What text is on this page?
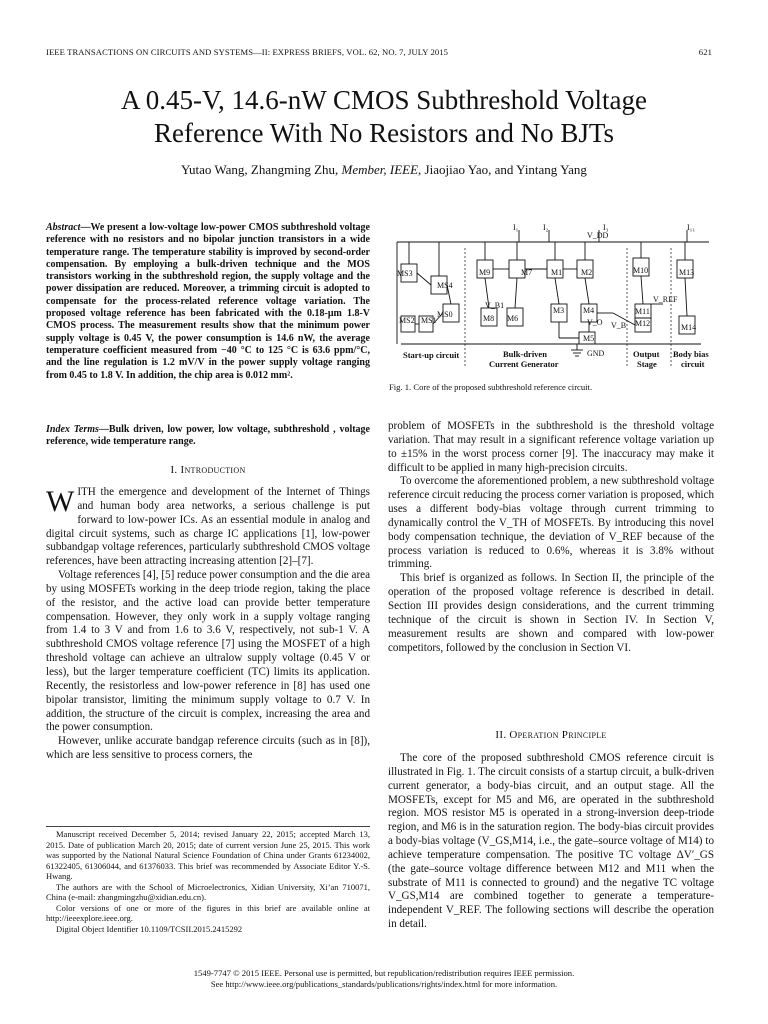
IEEE TRANSACTIONS ON CIRCUITS AND SYSTEMS—II: EXPRESS BRIEFS, VOL. 62, NO. 7, JULY 2015	621
A 0.45-V, 14.6-nW CMOS Subthreshold Voltage
Reference With No Resistors and No BJTs
Yutao Wang, Zhangming Zhu, Member, IEEE, Jiaojiao Yao, and Yintang Yang
Abstract—We present a low-voltage low-power CMOS subthreshold voltage reference with no resistors and no bipolar junction transistors in a wide temperature range. The temperature stability is improved by second-order compensation. By employing a bulk-driven technique and the MOS transistors working in the subthreshold region, the supply voltage and the power dissipation are reduced. Moreover, a trimming circuit is adopted to compensate for the process-related reference voltage variation. The proposed voltage reference has been fabricated with the 0.18-μm 1.8-V CMOS process. The measurement results show that the minimum power supply voltage is 0.45 V, the power consumption is 14.6 nW, the average temperature coefficient measured from −40 °C to 125 °C is 63.6 ppm/°C, and the line regulation is 1.2 mV/V in the power supply voltage ranging from 0.45 to 1.8 V. In addition, the chip area is 0.012 mm².
Index Terms—Bulk driven, low power, low voltage, subthreshold , voltage reference, wide temperature range.
I. Introduction

WITH the emergence and development of the Internet of Things and human body area networks, a serious challenge is put forward to low-power ICs. As an essential module in analog and digital circuit systems, such as charge IC applications [1], low-power subbandgap voltage references, particularly subthreshold CMOS voltage references, have been attracting increasing attention [2]–[7].

Voltage references [4], [5] reduce power consumption and the die area by using MOSFETs working in the deep triode region, taking the place of the resistor, and the active load can provide better temperature compensation. However, they only work in a supply voltage ranging from 1.4 to 3 V and from 1.6 to 3.6 V, respectively, not sub-1 V. A subthreshold CMOS voltage reference [7] using the MOSFET of a high threshold voltage can achieve an ultralow supply voltage (0.45 V or less), but the larger temperature coefficient (TC) limits its application. Recently, the resistorless and low-power reference in [8] has used one bipolar transistor, limiting the minimum supply voltage to 0.7 V. In addition, the structure of the circuit is complex, increasing the area and the power consumption.

However, unlike accurate bandgap reference circuits (such as in [8]), which are less sensitive to process corners, the

Manuscript received December 5, 2014; revised January 22, 2015; accepted March 13, 2015. Date of publication March 20, 2015; date of current version June 25, 2015. This work was supported by the National Natural Science Foundation of China under Grants 61234002, 61322405, 61306044, and 61376033. This brief was recommended by Associate Editor Y.-S. Hwang.

The authors are with the School of Microelectronics, Xidian University, Xi’an 710071, China (e-mail: zhangmingzhu@xidian.edu.cn).

Color versions of one or more of the figures in this brief are available online at http://ieeexplore.ieee.org.

Digital Object Identifier 10.1109/TCSII.2015.2415292

I₁	I₂	I₃	I₁₁
V_DD
MS3
MS4
MS0
MS2 MS1
M9	M7 M1 M2	M10	M13
V_B1
M8 M6
M3 M4
V_O V_B
M5
GND
V_REF
M11
M12	M14
Start-up circuit	Bulk-driven
Current Generator
Output
Stage
Body bias
circuit
Fig. 1. Core of the proposed subthreshold reference circuit.

problem of MOSFETs in the subthreshold is the threshold voltage variation. That may result in a significant reference voltage variation up to ±15% in the worst process corner [9]. The inaccuracy may make it difficult to be applied in many high-precision circuits.

To overcome the aforementioned problem, a new subthreshold voltage reference circuit reducing the process corner variation is proposed, which uses a different body-bias voltage through current trimming to dynamically control the V_TH of MOSFETs. By introducing this novel body compensation technique, the deviation of V_REF because of the process variation is reduced to 0.6%, whereas it is 3.8% without trimming.

This brief is organized as follows. In Section II, the principle of the operation of the proposed voltage reference is described in detail. Section III provides design considerations, and the current trimming technique of the circuit is shown in Section IV. In Section V, measurement results are shown and compared with low-power competitors, followed by the conclusion in Section VI.

II. Operation Principle

The core of the proposed subthreshold CMOS reference circuit is illustrated in Fig. 1. The circuit consists of a startup circuit, a bulk-driven current generator, a body-bias circuit, and an output stage. All the MOSFETs, except for M5 and M6, are operated in the subthreshold region. MOS resistor M5 is operated in a strong-inversion deep-triode region, and M6 is in the saturation region. The body-bias circuit provides a body-bias voltage (V_GS,M14, i.e., the gate–source voltage of M14) to achieve temperature compensation. The positive TC voltage ΔV′_GS (the gate–source voltage difference between M12 and M11 when the substrate of M11 is connected to ground) and the negative TC voltage V_GS,M14 are combined together to generate a temperature-independent V_REF. The following sections will describe the operation in detail.

1549-7747 © 2015 IEEE. Personal use is permitted, but republication/redistribution requires IEEE permission.
See http://www.ieee.org/publications_standards/publications/rights/index.html for more information.
